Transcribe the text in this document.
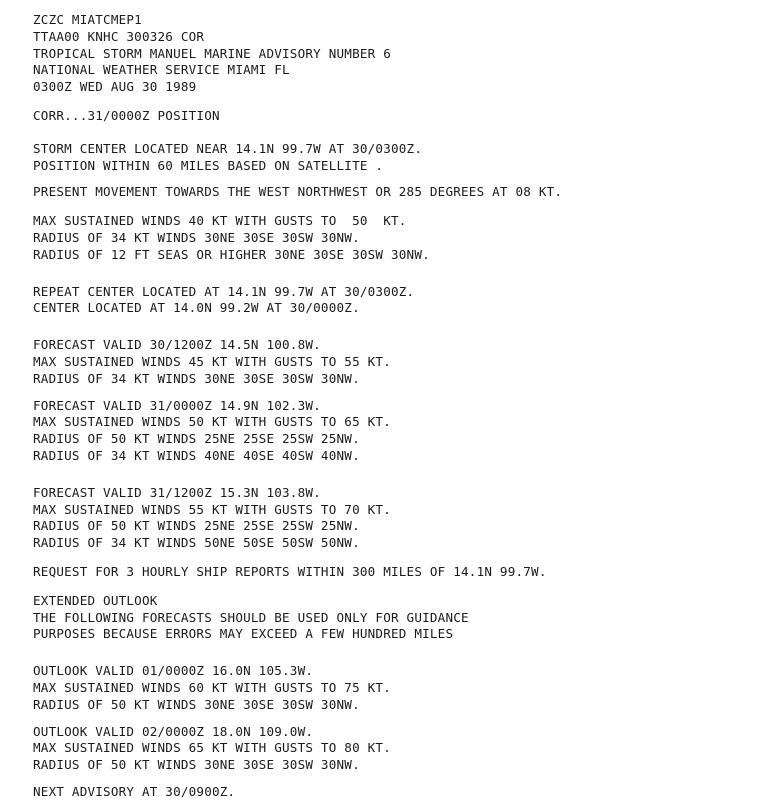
ZCZC MIATCMEP1
TTAA00 KNHC 300326 COR
TROPICAL STORM MANUEL MARINE ADVISORY NUMBER 6
NATIONAL WEATHER SERVICE MIAMI FL
0300Z WED AUG 30 1989
CORR...31/0000Z POSITION
STORM CENTER LOCATED NEAR 14.1N 99.7W AT 30/0300Z.
POSITION WITHIN 60 MILES BASED ON SATELLITE .
PRESENT MOVEMENT TOWARDS THE WEST NORTHWEST OR 285 DEGREES AT 08 KT.
MAX SUSTAINED WINDS 40 KT WITH GUSTS TO  50  KT.
RADIUS OF 34 KT WINDS 30NE 30SE 30SW 30NW.
RADIUS OF 12 FT SEAS OR HIGHER 30NE 30SE 30SW 30NW.
REPEAT CENTER LOCATED AT 14.1N 99.7W AT 30/0300Z.
CENTER LOCATED AT 14.0N 99.2W AT 30/0000Z.
FORECAST VALID 30/1200Z 14.5N 100.8W.
MAX SUSTAINED WINDS 45 KT WITH GUSTS TO 55 KT.
RADIUS OF 34 KT WINDS 30NE 30SE 30SW 30NW.
FORECAST VALID 31/0000Z 14.9N 102.3W.
MAX SUSTAINED WINDS 50 KT WITH GUSTS TO 65 KT.
RADIUS OF 50 KT WINDS 25NE 25SE 25SW 25NW.
RADIUS OF 34 KT WINDS 40NE 40SE 40SW 40NW.
FORECAST VALID 31/1200Z 15.3N 103.8W.
MAX SUSTAINED WINDS 55 KT WITH GUSTS TO 70 KT.
RADIUS OF 50 KT WINDS 25NE 25SE 25SW 25NW.
RADIUS OF 34 KT WINDS 50NE 50SE 50SW 50NW.
REQUEST FOR 3 HOURLY SHIP REPORTS WITHIN 300 MILES OF 14.1N 99.7W.
EXTENDED OUTLOOK
THE FOLLOWING FORECASTS SHOULD BE USED ONLY FOR GUIDANCE
PURPOSES BECAUSE ERRORS MAY EXCEED A FEW HUNDRED MILES
OUTLOOK VALID 01/0000Z 16.0N 105.3W.
MAX SUSTAINED WINDS 60 KT WITH GUSTS TO 75 KT.
RADIUS OF 50 KT WINDS 30NE 30SE 30SW 30NW.
OUTLOOK VALID 02/0000Z 18.0N 109.0W.
MAX SUSTAINED WINDS 65 KT WITH GUSTS TO 80 KT.
RADIUS OF 50 KT WINDS 30NE 30SE 30SW 30NW.
NEXT ADVISORY AT 30/0900Z.
